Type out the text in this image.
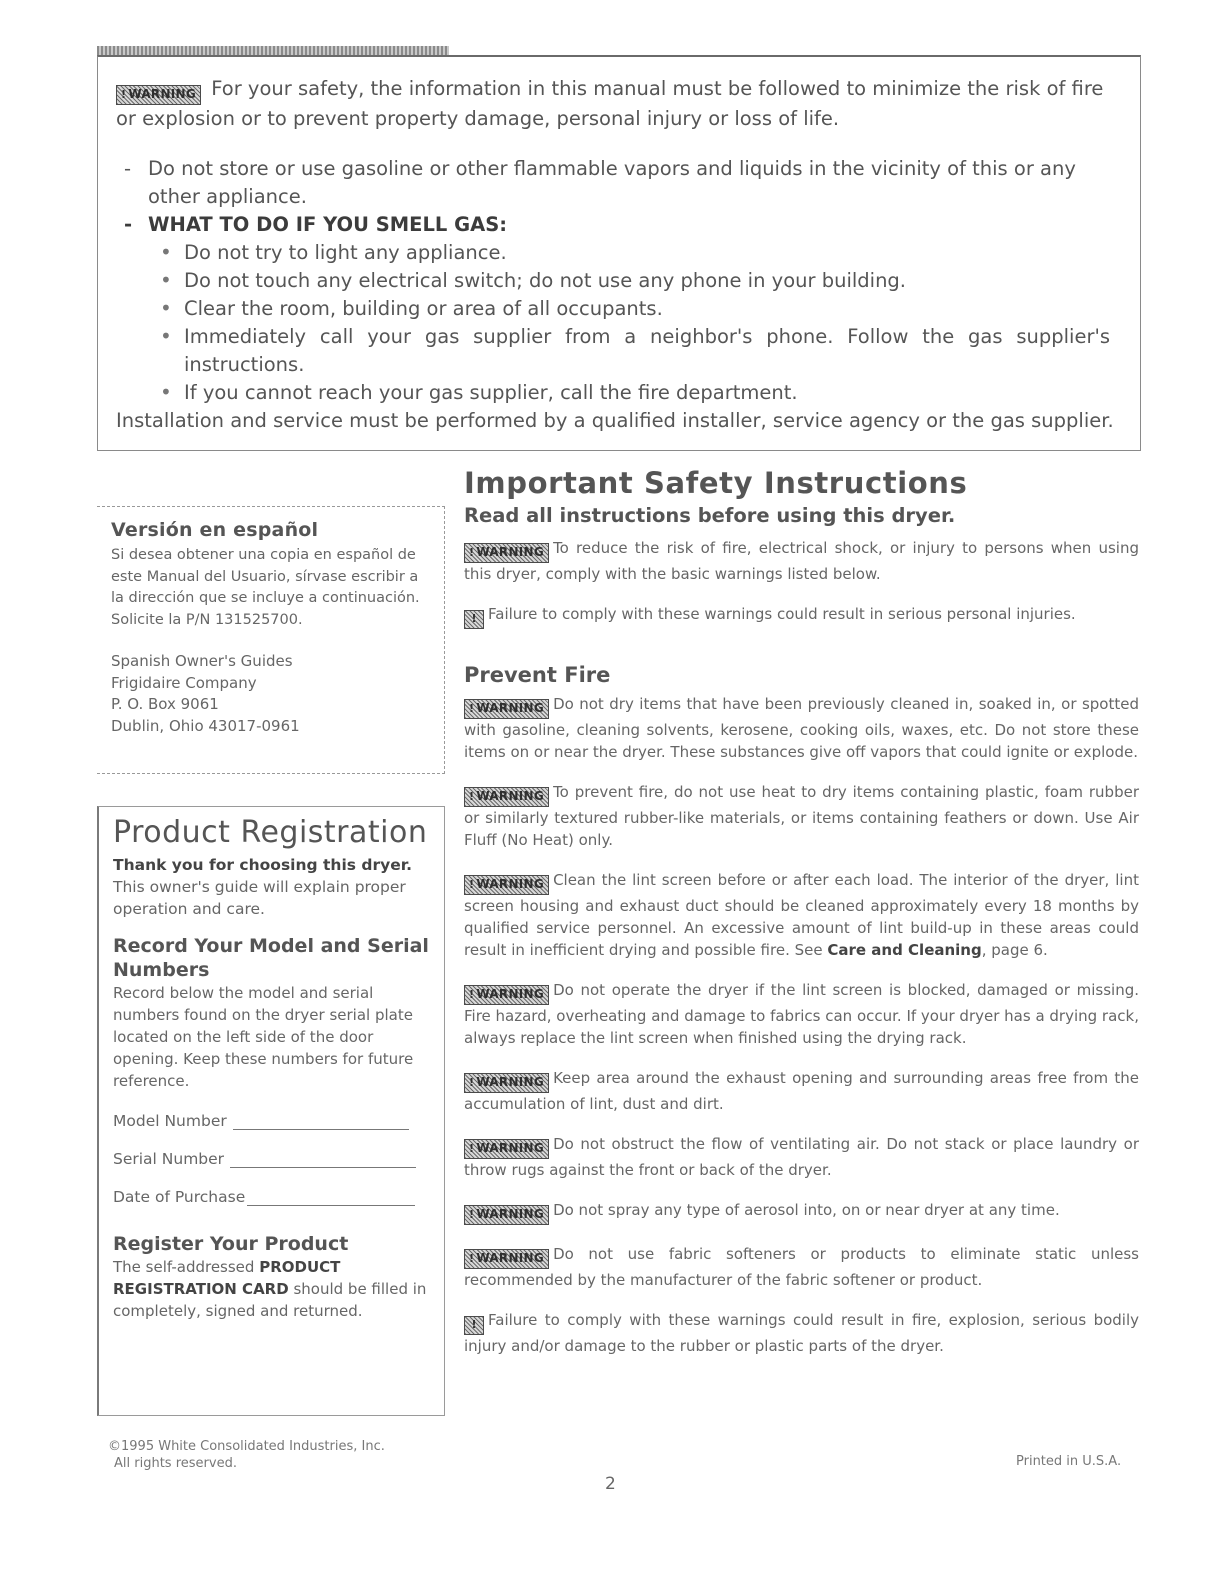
! WARNING For your safety, the information in this manual must be followed to minimize the risk of fire or explosion or to prevent property damage, personal injury or loss of life.

- Do not store or use gasoline or other flammable vapors and liquids in the vicinity of this or any other appliance.

- WHAT TO DO IF YOU SMELL GAS:

• Do not try to light any appliance.
• Do not touch any electrical switch; do not use any phone in your building.
• Clear the room, building or area of all occupants.
• Immediately call your gas supplier from a neighbor's phone. Follow the gas supplier's instructions.
• If you cannot reach your gas supplier, call the fire department.

Installation and service must be performed by a qualified installer, service agency or the gas supplier.

Versión en español

Si desea obtener una copia en español de este Manual del Usuario, sírvase escribir a la dirección que se incluye a continuación. Solicite la P/N 131525700.

Spanish Owner's Guides
Frigidaire Company
P. O. Box 9061
Dublin, Ohio 43017-0961
Product Registration

Thank you for choosing this dryer. This owner's guide will explain proper operation and care.

Record Your Model and Serial Numbers

Record below the model and serial numbers found on the dryer serial plate located on the left side of the door opening. Keep these numbers for future reference.

Model Number
Serial Number
Date of Purchase
Register Your Product

The self-addressed PRODUCT REGISTRATION CARD should be filled in completely, signed and returned.

©1995 White Consolidated Industries, Inc.
All rights reserved.
Important Safety Instructions
Read all instructions before using this dryer.

! WARNING To reduce the risk of fire, electrical shock, or injury to persons when using this dryer, comply with the basic warnings listed below.

! Failure to comply with these warnings could result in serious personal injuries.

Prevent Fire

! WARNING Do not dry items that have been previously cleaned in, soaked in, or spotted with gasoline, cleaning solvents, kerosene, cooking oils, waxes, etc. Do not store these items on or near the dryer. These substances give off vapors that could ignite or explode.

! WARNING To prevent fire, do not use heat to dry items containing plastic, foam rubber or similarly textured rubber-like materials, or items containing feathers or down. Use Air Fluff (No Heat) only.

! WARNING Clean the lint screen before or after each load. The interior of the dryer, lint screen housing and exhaust duct should be cleaned approximately every 18 months by qualified service personnel. An excessive amount of lint build-up in these areas could result in inefficient drying and possible fire. See Care and Cleaning, page 6.

! WARNING Do not operate the dryer if the lint screen is blocked, damaged or missing. Fire hazard, overheating and damage to fabrics can occur. If your dryer has a drying rack, always replace the lint screen when finished using the drying rack.

! WARNING Keep area around the exhaust opening and surrounding areas free from the accumulation of lint, dust and dirt.

! WARNING Do not obstruct the flow of ventilating air. Do not stack or place laundry or throw rugs against the front or back of the dryer.

! WARNING Do not spray any type of aerosol into, on or near dryer at any time.

! WARNING Do not use fabric softeners or products to eliminate static unless recommended by the manufacturer of the fabric softener or product.

! Failure to comply with these warnings could result in fire, explosion, serious bodily injury and/or damage to the rubber or plastic parts of the dryer.

Printed in U.S.A.
2
